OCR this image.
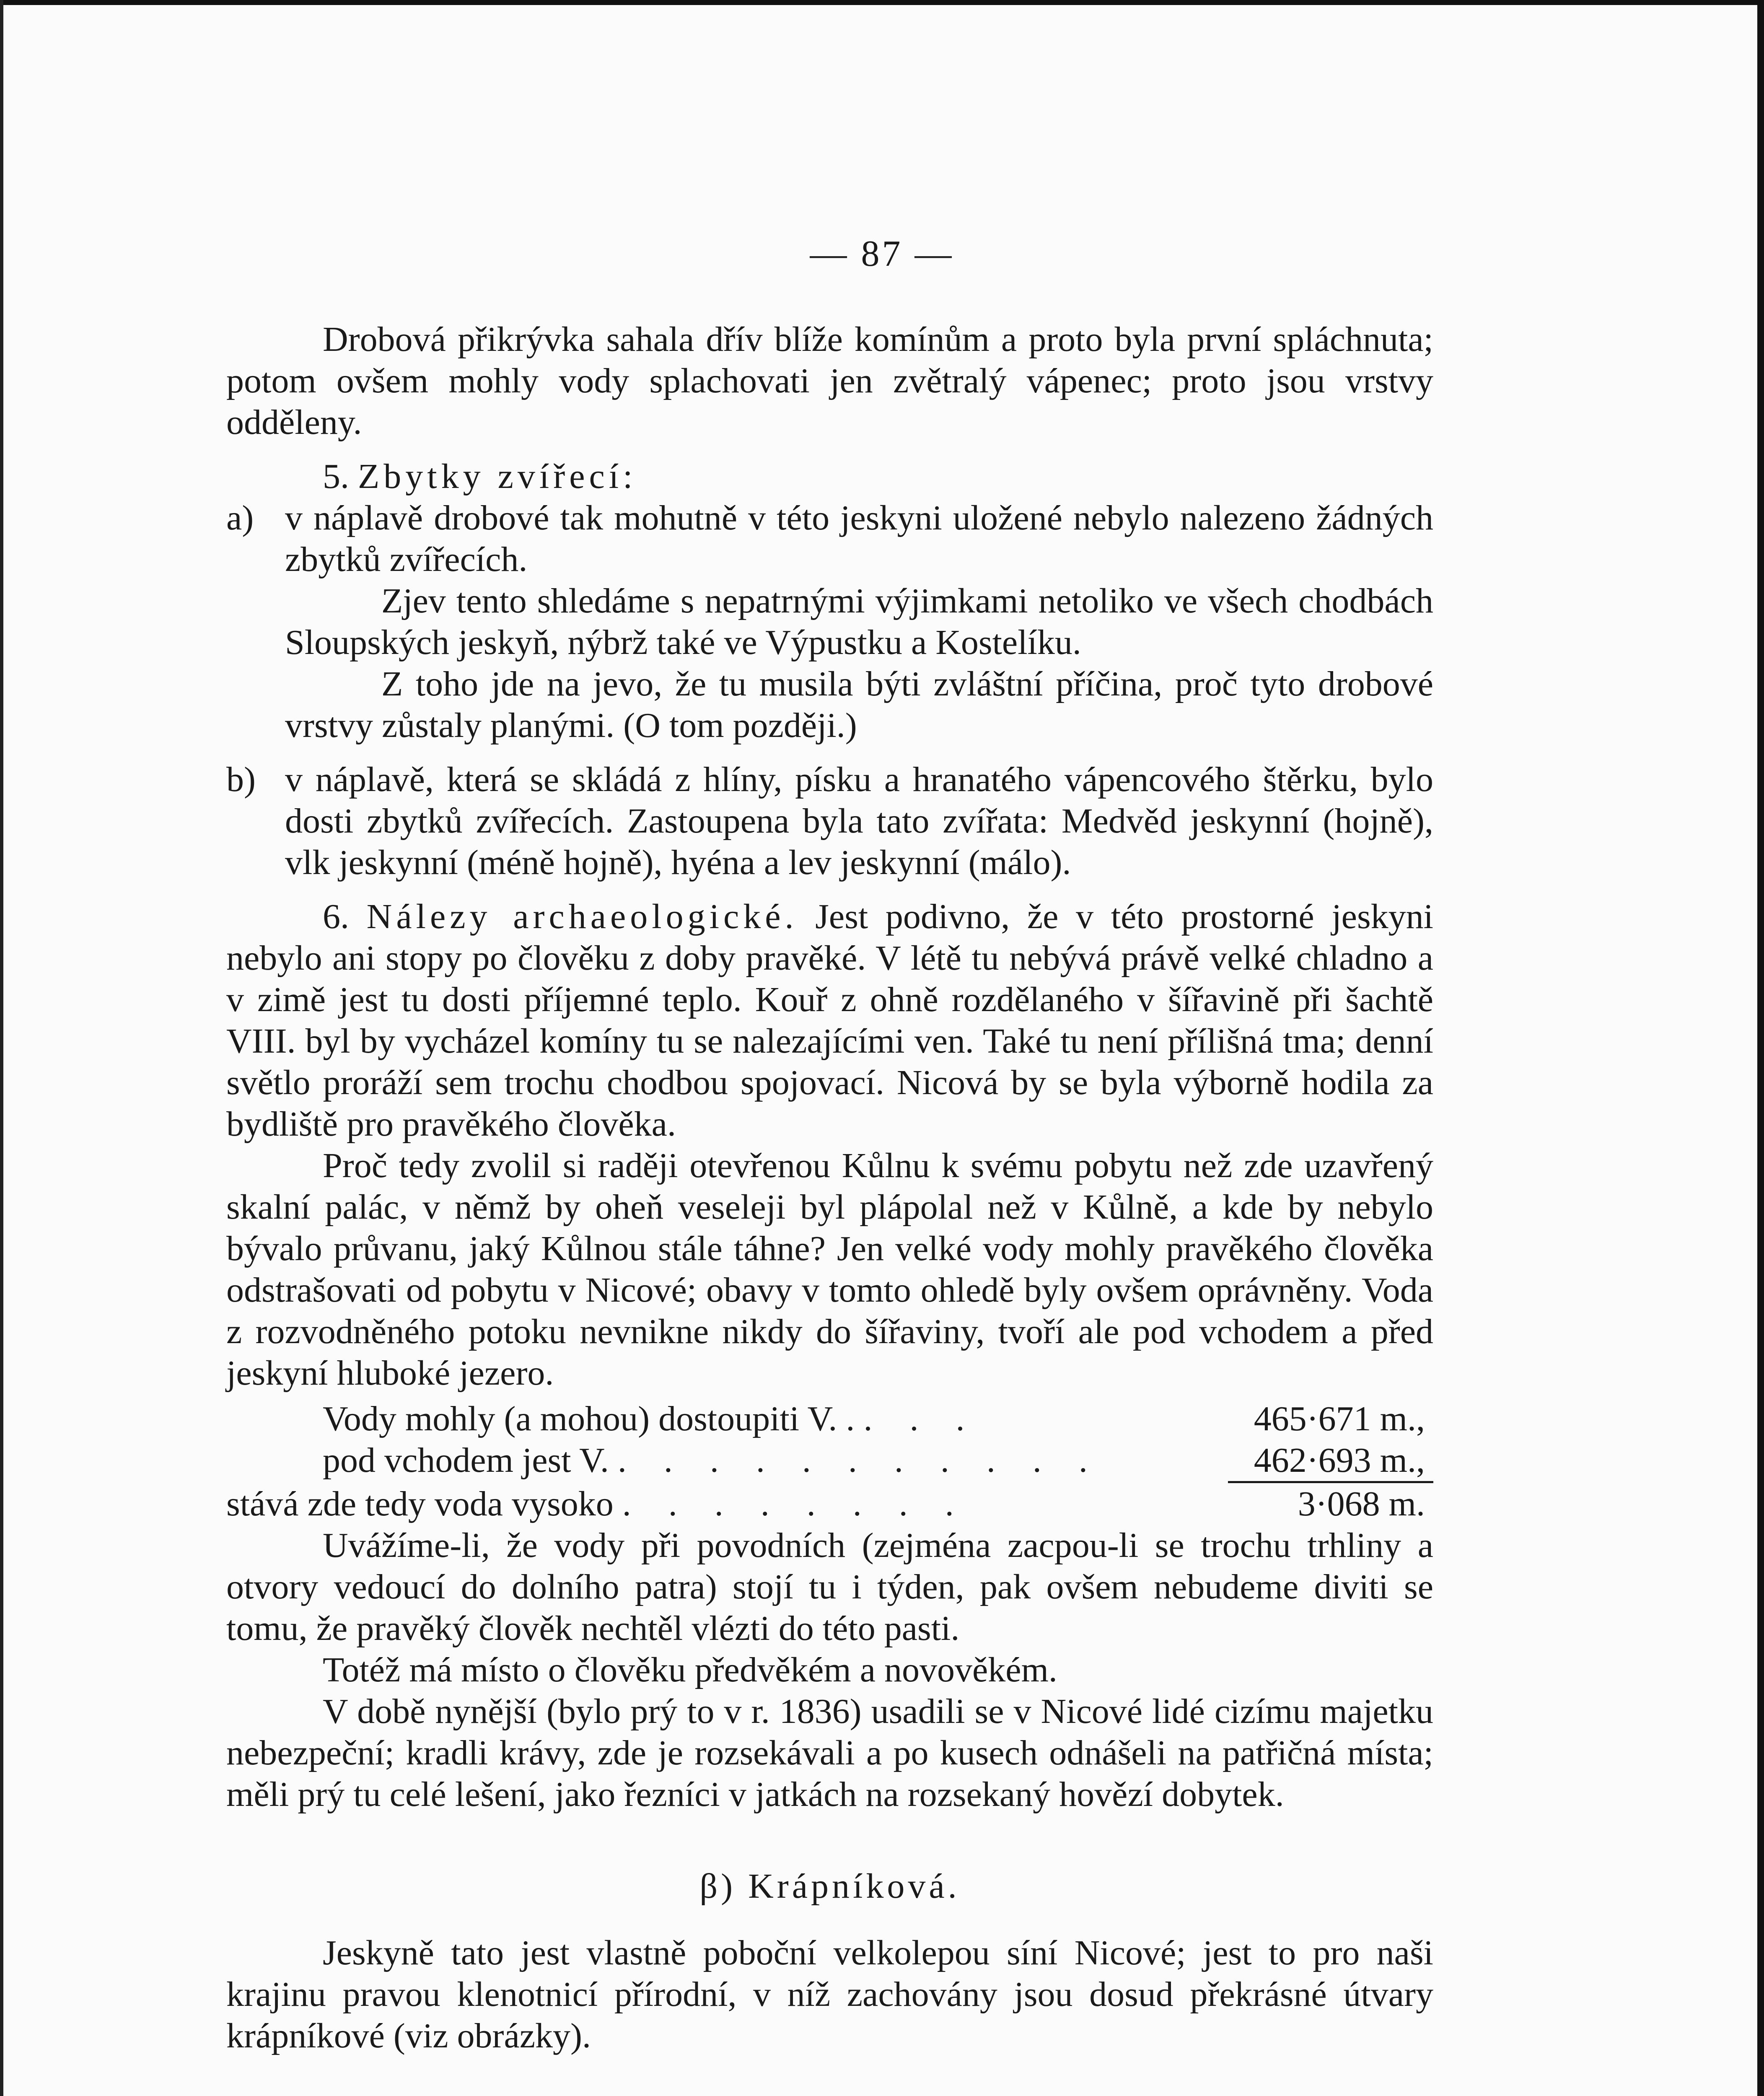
— 87 —

Drobová přikrývka sahala dřív blíže komínům a proto byla první spláchnuta; potom ovšem mohly vody splachovati jen zvětralý vápenec; proto jsou vrstvy odděleny.

5. Zbytky zvířecí:

a) v náplavě drobové tak mohutně v této jeskyni uložené nebylo nalezeno žádných zbytků zvířecích.

Zjev tento shledáme s nepatrnými výjimkami netoliko ve všech chodbách Sloupských jeskyň, nýbrž také ve Výpustku a Kostelíku.

Z toho jde na jevo, že tu musila býti zvláštní příčina, proč tyto drobové vrstvy zůstaly planými. (O tom později.)

b) v náplavě, která se skládá z hlíny, písku a hranatého vápencového štěrku, bylo dosti zbytků zvířecích. Zastoupena byla tato zvířata: Medvěd jeskynní (hojně), vlk jeskynní (méně hojně), hyéna a lev jeskynní (málo).

6. Nálezy archaeologické. Jest podivno, že v této prostorné jeskyni nebylo ani stopy po člověku z doby pravěké. V létě tu nebývá právě velké chladno a v zimě jest tu dosti příjemné teplo. Kouř z ohně rozdělaného v šířavině při šachtě VIII. byl by vycházel komíny tu se nalezajícími ven. Také tu není přílišná tma; denní světlo proráží sem trochu chodbou spojovací. Nicová by se byla výborně hodila za bydliště pro pravěkého člověka.

Proč tedy zvolil si raději otevřenou Kůlnu k svému pobytu než zde uzavřený skalní palác, v němž by oheň veseleji byl plápolal než v Kůlně, a kde by nebylo bývalo průvanu, jaký Kůlnou stále táhne? Jen velké vody mohly pravěkého člověka odstrašovati od pobytu v Nicové; obavy v tomto ohledě byly ovšem oprávněny. Voda z rozvodněného potoku nevnikne nikdy do šířaviny, tvoří ale pod vchodem a před jeskyní hluboké jezero.

Vody mohly (a mohou) dostoupiti V. . . . .	465·671 m.,
pod vchodem jest V. . . . . . . . . . . .	462·693 m.,
stává zde tedy voda vysoko . . . . . . . .	3·068 m.

Uvážíme-li, že vody při povodních (zejména zacpou-li se trochu trhliny a otvory vedoucí do dolního patra) stojí tu i týden, pak ovšem nebudeme diviti se tomu, že pravěký člověk nechtěl vlézti do této pasti.

Totéž má místo o člověku předvěkém a novověkém.

V době nynější (bylo prý to v r. 1836) usadili se v Nicové lidé cizímu majetku nebezpeční; kradli krávy, zde je rozsekávali a po kusech odnášeli na patřičná místa; měli prý tu celé lešení, jako řezníci v jatkách na rozsekaný hovězí dobytek.

β) Krápníková.

Jeskyně tato jest vlastně poboční velkolepou síní Nicové; jest to pro naši krajinu pravou klenotnicí přírodní, v níž zachovány jsou dosud překrásné útvary krápníkové (viz obrázky).
